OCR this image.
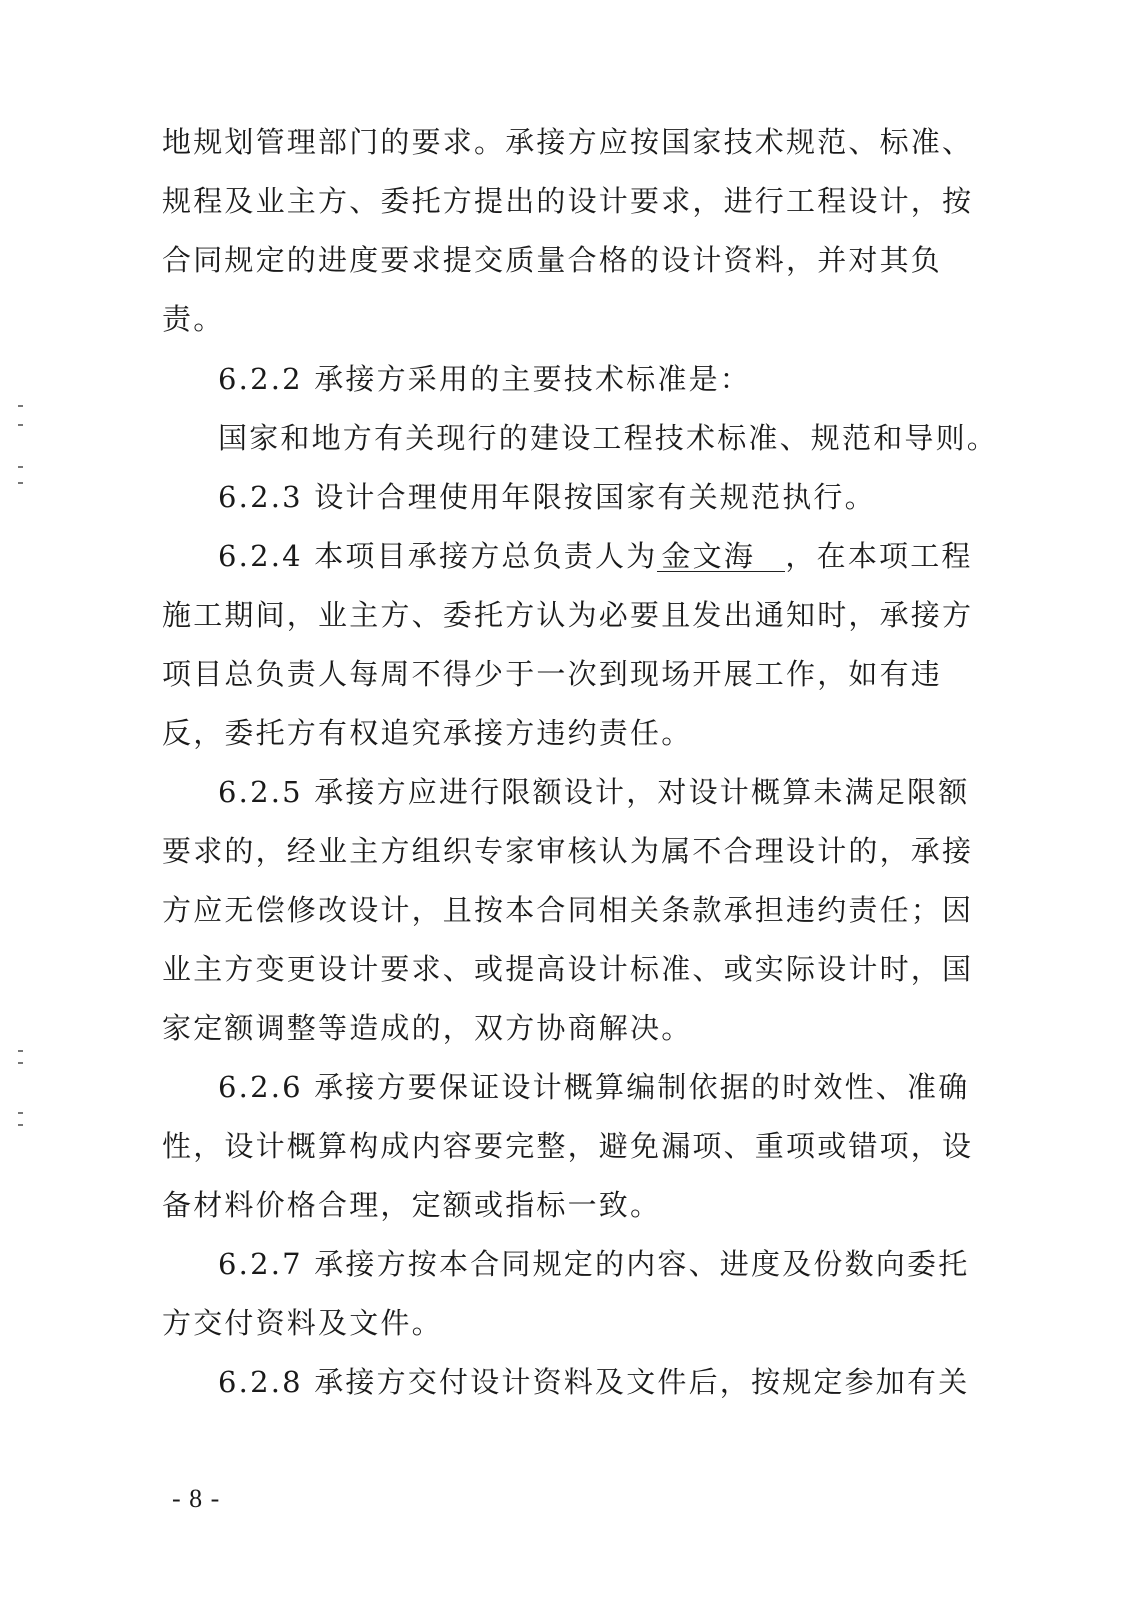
地规划管理部门的要求。承接方应按国家技术规范、标准、
规程及业主方、委托方提出的设计要求，进行工程设计，按
合同规定的进度要求提交质量合格的设计资料，并对其负
责。
6.2.2 承接方采用的主要技术标准是：
国家和地方有关现行的建设工程技术标准、规范和导则。
6.2.3 设计合理使用年限按国家有关规范执行。
6.2.4 本项目承接方总负责人为 金文海 ，在本项工程
施工期间，业主方、委托方认为必要且发出通知时，承接方
项目总负责人每周不得少于一次到现场开展工作，如有违
反，委托方有权追究承接方违约责任。
6.2.5 承接方应进行限额设计，对设计概算未满足限额
要求的，经业主方组织专家审核认为属不合理设计的，承接
方应无偿修改设计，且按本合同相关条款承担违约责任；因
业主方变更设计要求、或提高设计标准、或实际设计时，国
家定额调整等造成的，双方协商解决。
6.2.6 承接方要保证设计概算编制依据的时效性、准确
性，设计概算构成内容要完整，避免漏项、重项或错项，设
备材料价格合理，定额或指标一致。
6.2.7 承接方按本合同规定的内容、进度及份数向委托
方交付资料及文件。
6.2.8 承接方交付设计资料及文件后，按规定参加有关
- 8 -
